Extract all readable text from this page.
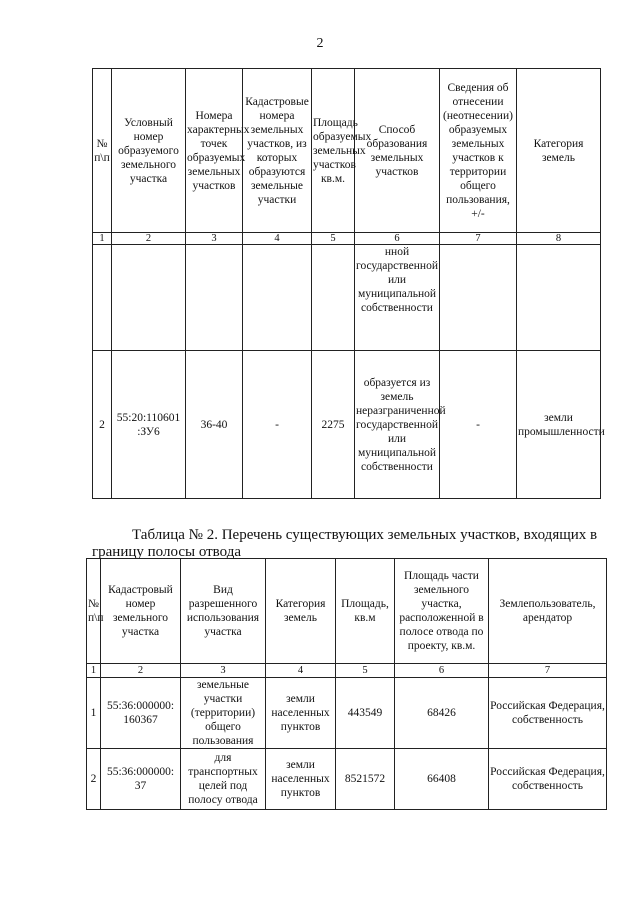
2
№ п\п	Условный номер образуемого земельного участка	Номера характерных точек образуемых земельных участков	Кадастровые номера земельных участков, из которых образуются земельные участки	Площадь образуемых земельных участков кв.м.	Способ образования земельных участков	Сведения об отнесении (неотнесении) образуемых земельных участков к территории общего пользования, +/-	Категория земель
1	2	3	4	5	6	7	8
					нной государственной или муниципальной собственности		
2	55:20:110601 :ЗУ6	36-40	-	2275	образуется из земель неразграниченной государственной или муниципальной собственности	-	земли промышленности
Таблица № 2. Перечень существующих земельных участков, входящих в границу полосы отвода
№ п\п	Кадастровый номер земельного участка	Вид разрешенного использования участка	Категория земель	Площадь, кв.м	Площадь части земельного участка, расположенной в полосе отвода по проекту, кв.м.	Землепользователь, арендатор
1	2	3	4	5	6	7
1	55:36:000000: 160367	земельные участки (территории) общего пользования	земли населенных пунктов	443549	68426	Российская Федерация, собственность
2	55:36:000000: 37	для транспортных целей под полосу отвода	земли населенных пунктов	8521572	66408	Российская Федерация, собственность
